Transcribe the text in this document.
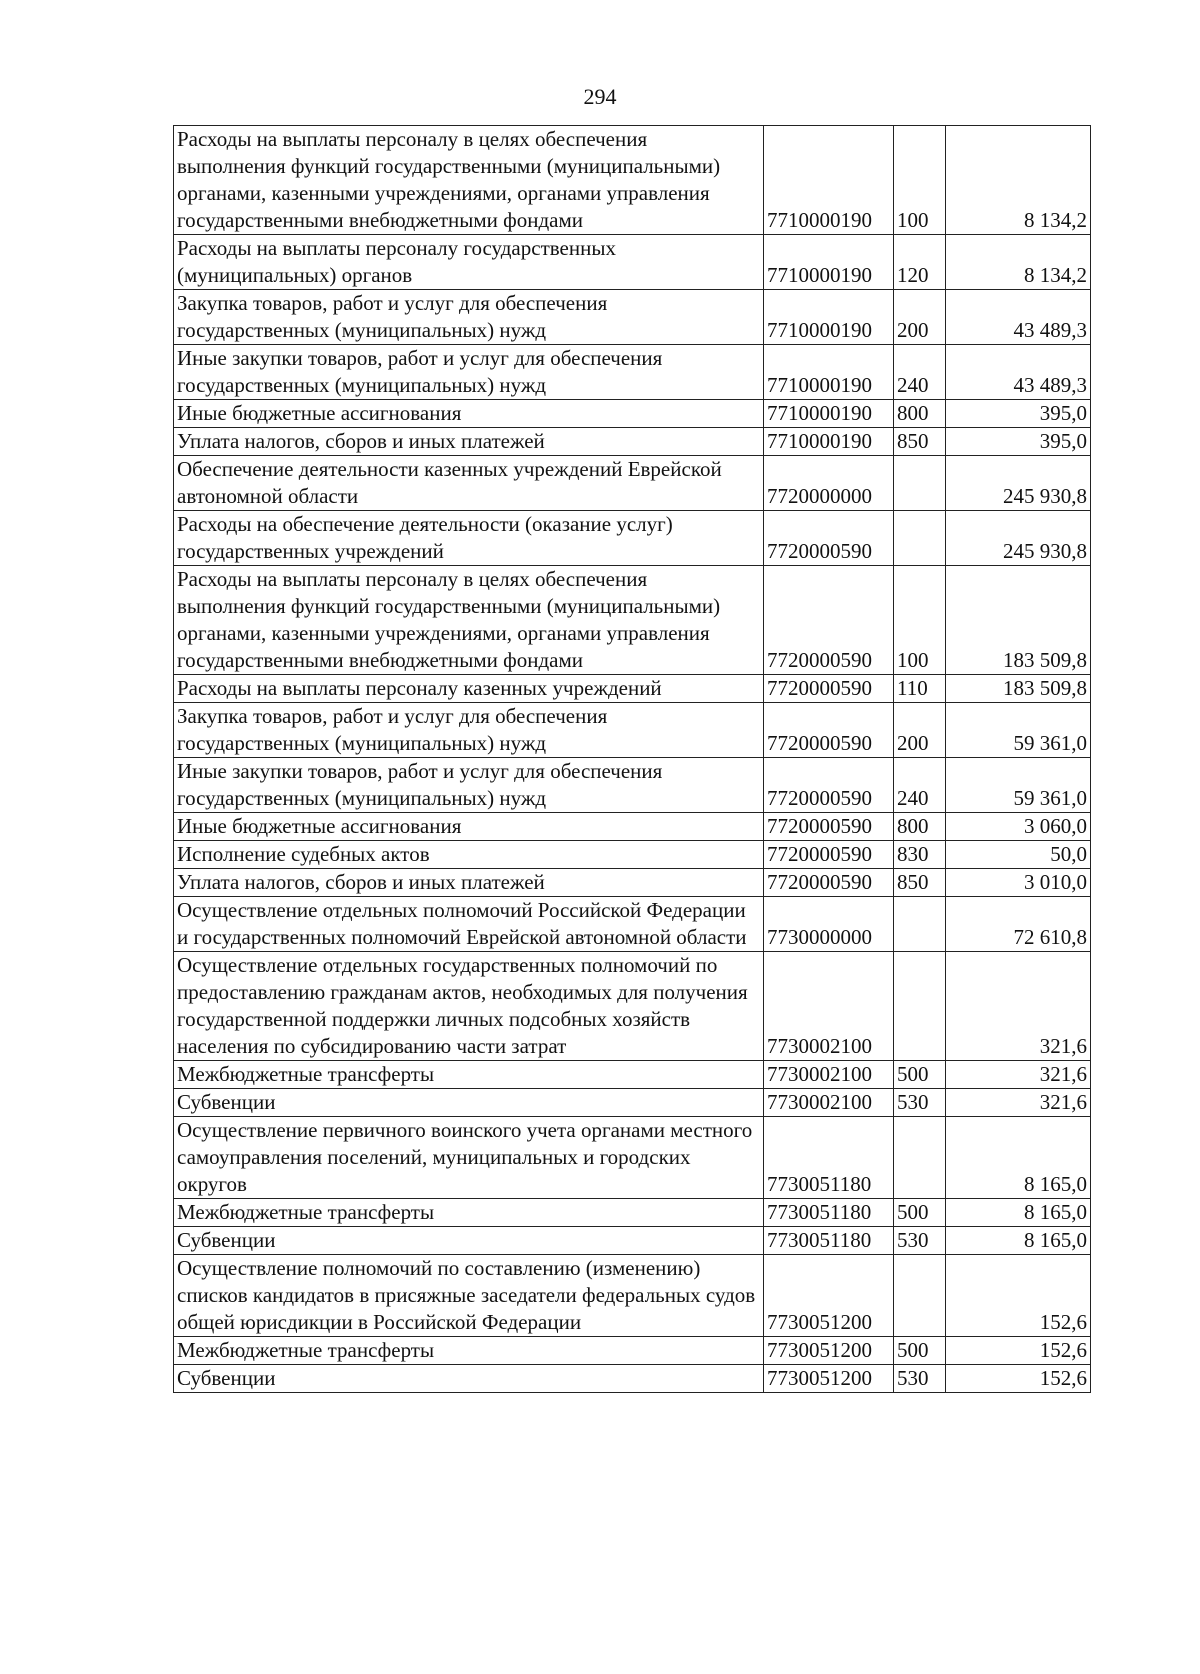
294
Расходы на выплаты персоналу в целях обеспечения выполнения функций государственными (муниципальными) органами, казенными учреждениями, органами управления государственными внебюджетными фондами	7710000190	100	8 134,2
Расходы на выплаты персоналу государственных (муниципальных) органов	7710000190	120	8 134,2
Закупка товаров, работ и услуг для обеспечения государственных (муниципальных) нужд	7710000190	200	43 489,3
Иные закупки товаров, работ и услуг для обеспечения государственных (муниципальных) нужд	7710000190	240	43 489,3
Иные бюджетные ассигнования	7710000190	800	395,0
Уплата налогов, сборов и иных платежей	7710000190	850	395,0
Обеспечение деятельности казенных учреждений Еврейской автономной области	7720000000		245 930,8
Расходы на обеспечение деятельности (оказание услуг) государственных учреждений	7720000590		245 930,8
Расходы на выплаты персоналу в целях обеспечения выполнения функций государственными (муниципальными) органами, казенными учреждениями, органами управления государственными внебюджетными фондами	7720000590	100	183 509,8
Расходы на выплаты персоналу казенных учреждений	7720000590	110	183 509,8
Закупка товаров, работ и услуг для обеспечения государственных (муниципальных) нужд	7720000590	200	59 361,0
Иные закупки товаров, работ и услуг для обеспечения государственных (муниципальных) нужд	7720000590	240	59 361,0
Иные бюджетные ассигнования	7720000590	800	3 060,0
Исполнение судебных актов	7720000590	830	50,0
Уплата налогов, сборов и иных платежей	7720000590	850	3 010,0
Осуществление отдельных полномочий Российской Федерации и государственных полномочий Еврейской автономной области	7730000000		72 610,8
Осуществление отдельных государственных полномочий по предоставлению гражданам актов, необходимых для получения государственной поддержки личных подсобных хозяйств населения по субсидированию части затрат	7730002100		321,6
Межбюджетные трансферты	7730002100	500	321,6
Субвенции	7730002100	530	321,6
Осуществление первичного воинского учета органами местного самоуправления поселений, муниципальных и городских округов	7730051180		8 165,0
Межбюджетные трансферты	7730051180	500	8 165,0
Субвенции	7730051180	530	8 165,0
Осуществление полномочий по составлению (изменению) списков кандидатов в присяжные заседатели федеральных судов общей юрисдикции в Российской Федерации	7730051200		152,6
Межбюджетные трансферты	7730051200	500	152,6
Субвенции	7730051200	530	152,6
